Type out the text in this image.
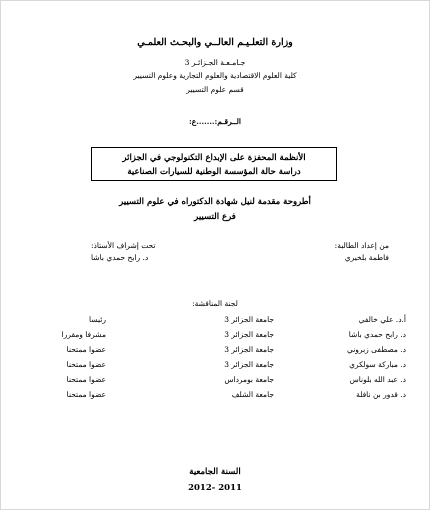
وزارة التعلـيـم العالــي والبحـث العلمـي
جـامـعـة الجـزائـر 3
كلية العلوم الاقتصادية والعلوم التجارية وعلوم التسيير
قسم علوم التسيير
الــرقـم:.......ع:
الأنظمة المحفزة على الإبداع التكنولوجي في الجزائر
دراسة حالة المؤسسة الوطنية للسيارات الصناعية
أطروحة مقدمة لنيل شهادة الدكتوراه في علوم التسيير
فرع التسيير
من إعداد الطالبة:
فاطمة بلخيري
تحت إشراف الأستاذ:
د. رابح حمدي باشا
لجنة المناقشة:
أ.د. علي خالفي
جامعة الجزائر 3
رئيسا
د. رابح حمدي باشا
جامعة الجزائر 3
مشرفا ومقررا
د. مصطفى زبروني
جامعة الجزائر 3
عضوا ممتحنا
د. مباركة سولكري
جامعة الجزائر 3
عضوا ممتحنا
د. عبد الله بلوناس
جامعة بومرداس
عضوا ممتحنا
د. قدور بن نافلة
جامعة الشلف
عضوا ممتحنا
السنة الجامعية
2012- 2011
